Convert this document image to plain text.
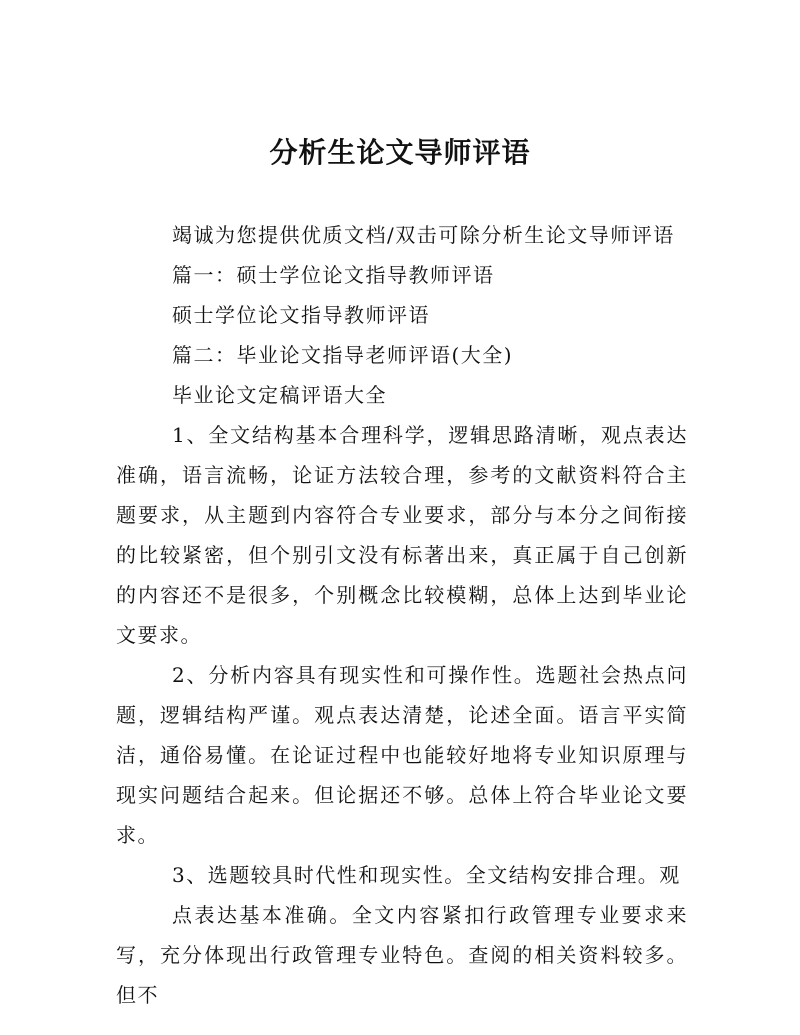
分析生论文导师评语

竭诚为您提供优质文档/双击可除分析生论文导师评语

篇一：硕士学位论文指导教师评语

硕士学位论文指导教师评语

篇二：毕业论文指导老师评语(大全)

毕业论文定稿评语大全

1、全文结构基本合理科学，逻辑思路清晰，观点表达准确，语言流畅，论证方法较合理，参考的文献资料符合主题要求，从主题到内容符合专业要求，部分与本分之间衔接的比较紧密，但个别引文没有标著出来，真正属于自己创新的内容还不是很多，个别概念比较模糊，总体上达到毕业论文要求。

2、分析内容具有现实性和可操作性。选题社会热点问题，逻辑结构严谨。观点表达清楚，论述全面。语言平实简洁，通俗易懂。在论证过程中也能较好地将专业知识原理与现实问题结合起来。但论据还不够。总体上符合毕业论文要求。

3、选题较具时代性和现实性。全文结构安排合理。观

点表达基本准确。全文内容紧扣行政管理专业要求来写，充分体现出行政管理专业特色。查阅的相关资料较多。但不
